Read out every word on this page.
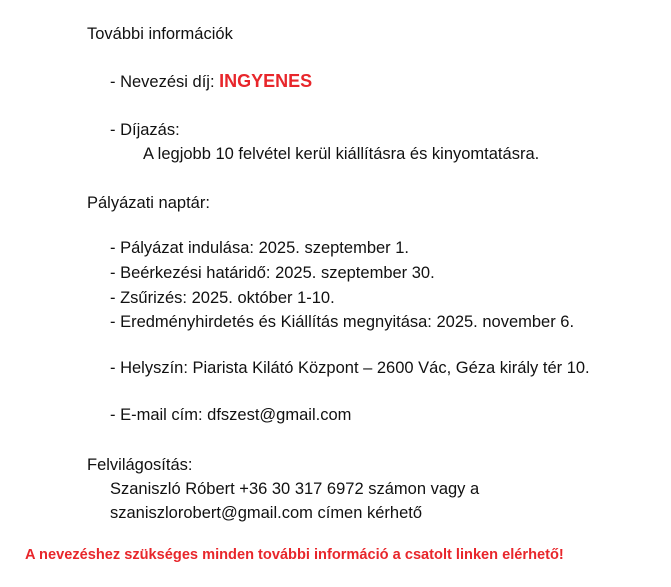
További információk
- Nevezési díj: INGYENES
- Díjazás:
A legjobb 10 felvétel kerül kiállításra és kinyomtatásra.
Pályázati naptár:
- Pályázat indulása: 2025. szeptember 1.
- Beérkezési határidő: 2025. szeptember 30.
- Zsűrizés: 2025. október 1-10.
- Eredményhirdetés és Kiállítás megnyitása: 2025. november 6.
- Helyszín: Piarista Kilátó Központ – 2600 Vác, Géza király tér 10.
- E-mail cím: dfszest@gmail.com
Felvilágosítás:
Szaniszló Róbert +36 30 317 6972 számon vagy a
szaniszlorobert@gmail.com címen kérhető
A nevezéshez szükséges minden további információ a csatolt linken elérhető!
